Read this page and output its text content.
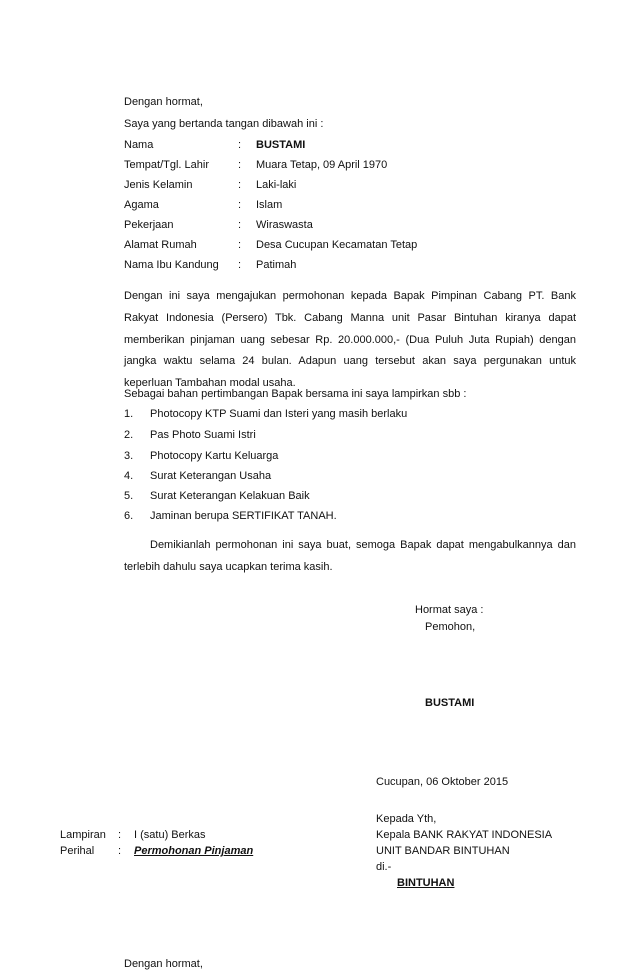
Dengan hormat,
Saya yang bertanda tangan dibawah ini :
Nama	: BUSTAMI
Tempat/Tgl. Lahir	: Muara Tetap, 09 April 1970
Jenis Kelamin	: Laki-laki
Agama	: Islam
Pekerjaan	: Wiraswasta
Alamat Rumah	: Desa Cucupan Kecamatan Tetap
Nama Ibu Kandung : Patimah
Dengan ini saya mengajukan permohonan kepada Bapak Pimpinan Cabang PT. Bank
Rakyat Indonesia (Persero) Tbk. Cabang Manna unit Pasar Bintuhan kiranya dapat
memberikan pinjaman uang sebesar Rp. 20.000.000,- (Dua Puluh Juta Rupiah) dengan
jangka waktu selama 24 bulan. Adapun uang tersebut akan saya pergunakan untuk
keperluan Tambahan modal usaha.
Sebagai bahan pertimbangan Bapak bersama ini saya lampirkan sbb :
1. Photocopy KTP Suami dan Isteri yang masih berlaku
2. Pas Photo Suami Istri
3. Photocopy Kartu Keluarga
4. Surat Keterangan Usaha
5. Surat Keterangan Kelakuan Baik
6. Jaminan berupa SERTIFIKAT TANAH.
Demikianlah permohonan ini saya buat, semoga Bapak dapat mengabulkannya dan
terlebih dahulu saya ucapkan terima kasih.
Hormat saya :
Pemohon,
BUSTAMI
Cucupan, 06 Oktober 2015
Kepada Yth,
Kepala BANK RAKYAT INDONESIA
UNIT BANDAR BINTUHAN
di.-
BINTUHAN
Lampiran : I (satu) Berkas
Perihal : Permohonan Pinjaman
Dengan hormat,
